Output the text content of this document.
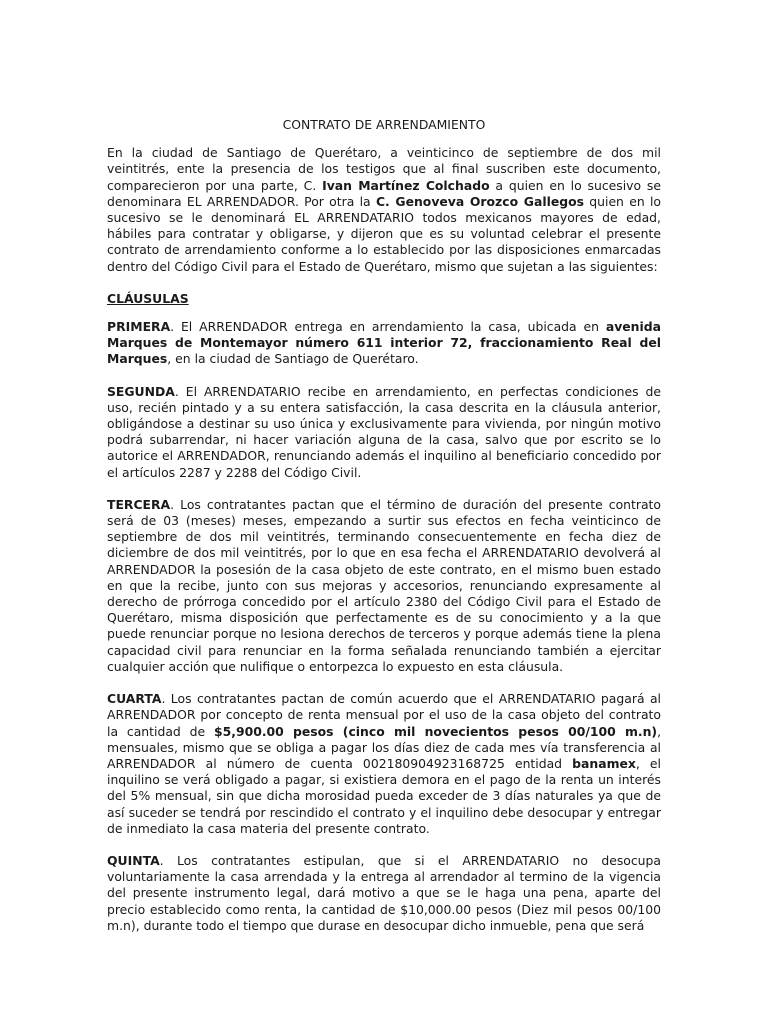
CONTRATO DE ARRENDAMIENTO

En la ciudad de Santiago de Querétaro, a veinticinco de septiembre de dos mil veintitrés, ente la presencia de los testigos que al final suscriben este documento, comparecieron por una parte, C. Ivan Martínez Colchado a quien en lo sucesivo se denominara EL ARRENDADOR. Por otra la C. Genoveva Orozco Gallegos quien en lo sucesivo se le denominará EL ARRENDATARIO todos mexicanos mayores de edad, hábiles para contratar y obligarse, y dijeron que es su voluntad celebrar el presente contrato de arrendamiento conforme a lo establecido por las disposiciones enmarcadas dentro del Código Civil para el Estado de Querétaro, mismo que sujetan a las siguientes:

CLÁUSULAS

PRIMERA. El ARRENDADOR entrega en arrendamiento la casa, ubicada en avenida Marques de Montemayor número 611 interior 72, fraccionamiento Real del Marques, en la ciudad de Santiago de Querétaro.

SEGUNDA. El ARRENDATARIO recibe en arrendamiento, en perfectas condiciones de uso, recién pintado y a su entera satisfacción, la casa descrita en la cláusula anterior, obligándose a destinar su uso única y exclusivamente para vivienda, por ningún motivo podrá subarrendar, ni hacer variación alguna de la casa, salvo que por escrito se lo autorice el ARRENDADOR, renunciando además el inquilino al beneficiario concedido por el artículos 2287 y 2288 del Código Civil.

TERCERA. Los contratantes pactan que el término de duración del presente contrato será de 03 (meses) meses, empezando a surtir sus efectos en fecha veinticinco de septiembre de dos mil veintitrés, terminando consecuentemente en fecha diez de diciembre de dos mil veintitrés, por lo que en esa fecha el ARRENDATARIO devolverá al ARRENDADOR la posesión de la casa objeto de este contrato, en el mismo buen estado en que la recibe, junto con sus mejoras y accesorios, renunciando expresamente al derecho de prórroga concedido por el artículo 2380 del Código Civil para el Estado de Querétaro, misma disposición que perfectamente es de su conocimiento y a la que puede renunciar porque no lesiona derechos de terceros y porque además tiene la plena capacidad civil para renunciar en la forma señalada renunciando también a ejercitar cualquier acción que nulifique o entorpezca lo expuesto en esta cláusula.

CUARTA. Los contratantes pactan de común acuerdo que el ARRENDATARIO pagará al ARRENDADOR por concepto de renta mensual por el uso de la casa objeto del contrato la cantidad de $5,900.00 pesos (cinco mil novecientos pesos 00/100 m.n), mensuales, mismo que se obliga a pagar los días diez de cada mes vía transferencia al ARRENDADOR al número de cuenta 002180904923168725 entidad banamex, el inquilino se verá obligado a pagar, si existiera demora en el pago de la renta un interés del 5% mensual, sin que dicha morosidad pueda exceder de 3 días naturales ya que de así suceder se tendrá por rescindido el contrato y el inquilino debe desocupar y entregar de inmediato la casa materia del presente contrato.

QUINTA. Los contratantes estipulan, que si el ARRENDATARIO no desocupa voluntariamente la casa arrendada y la entrega al arrendador al termino de la vigencia del presente instrumento legal, dará motivo a que se le haga una pena, aparte del precio establecido como renta, la cantidad de $10,000.00 pesos (Diez mil pesos 00/100 m.n), durante todo el tiempo que durase en desocupar dicho inmueble, pena que será
